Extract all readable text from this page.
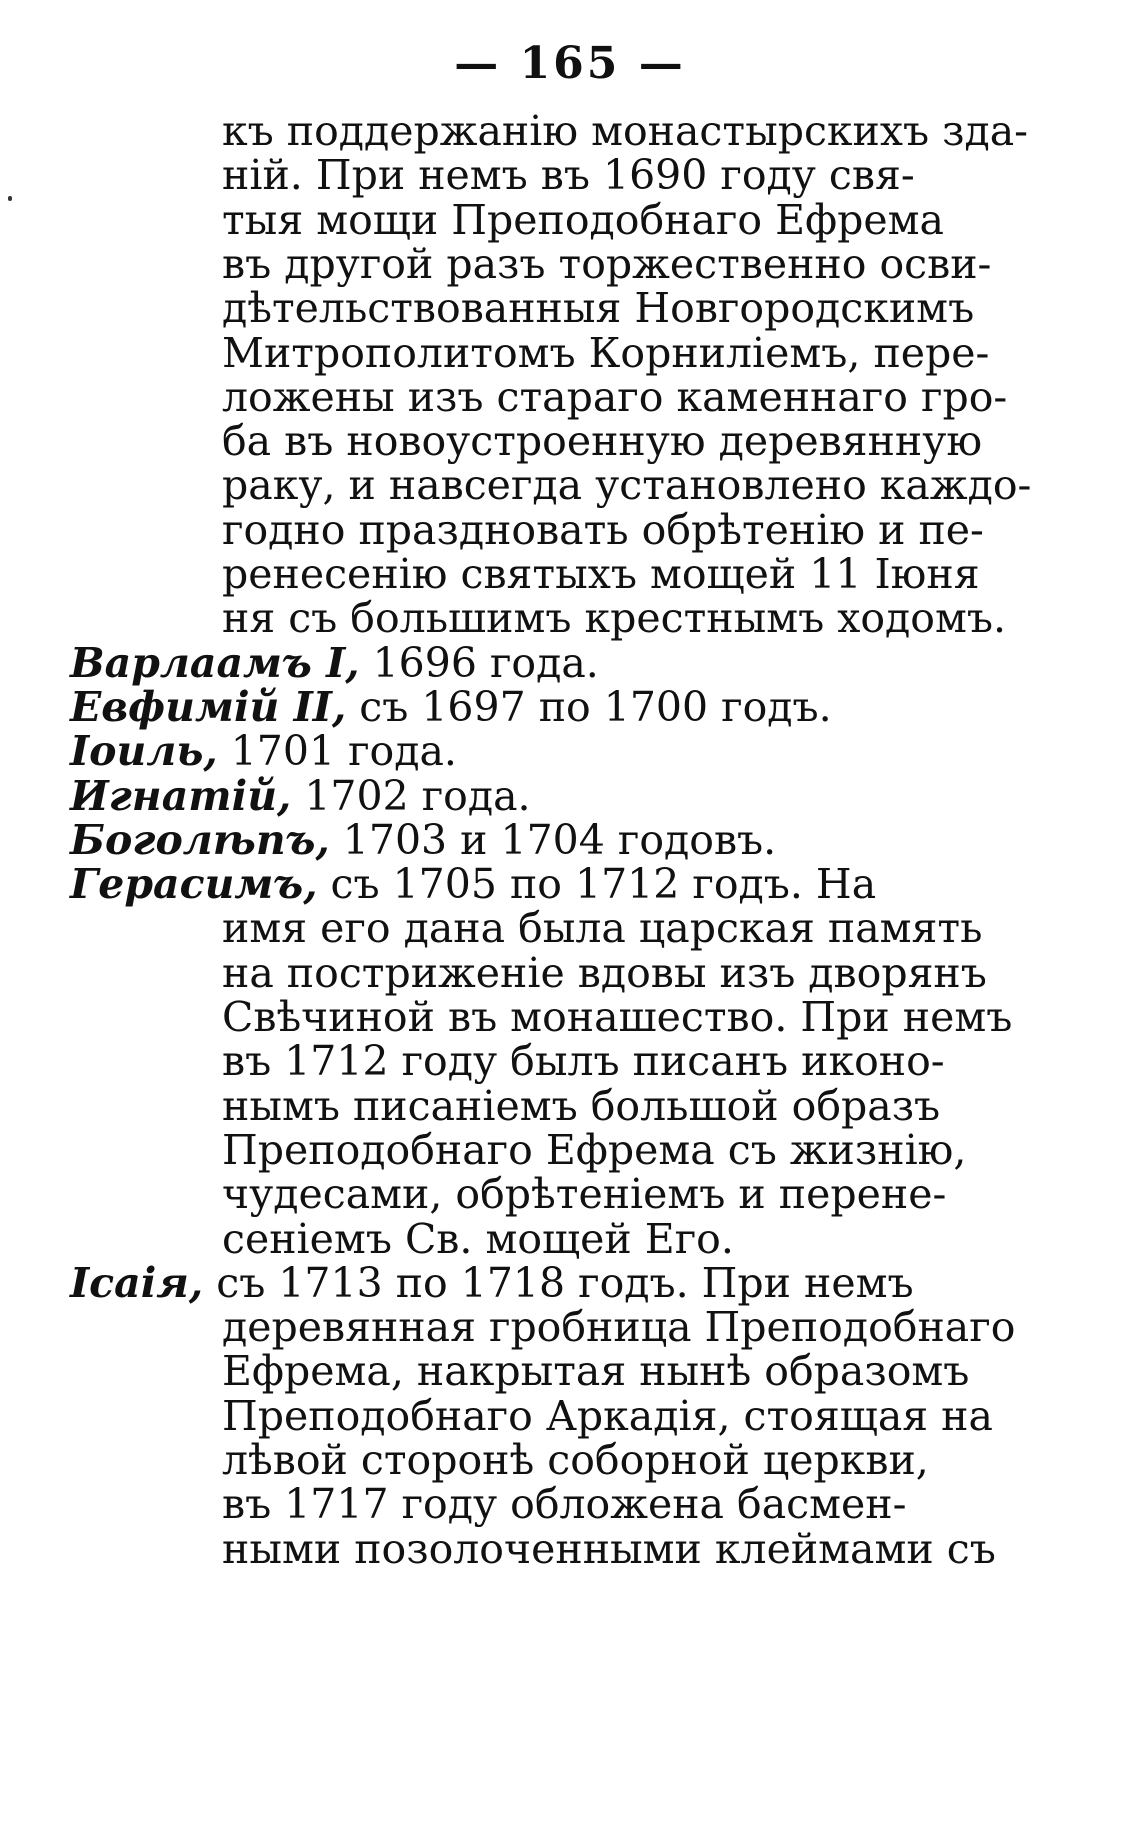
— 165 —
къ поддержанію монастырскихъ зда-
ній. При немъ въ 1690 году свя-
тыя мощи Преподобнаго Ефрема
въ другой разъ торжественно осви-
дѣтельствованныя Новгородскимъ
Митрополитомъ Корниліемъ, пере-
ложены изъ стараго каменнаго гро-
ба въ новоустроенную деревянную
раку, и навсегда установлено каждо-
годно праздновать обрѣтенію и пе-
ренесенію святыхъ мощей 11 Іюня
ня съ большимъ крестнымъ ходомъ.
Варлаамъ I, 1696 года.
Евфимій II, съ 1697 по 1700 годъ.
Іоиль, 1701 года.
Игнатій, 1702 года.
Боголѣпъ, 1703 и 1704 годовъ.
Герасимъ, съ 1705 по 1712 годъ. На
имя его дана была царская память
на постриженіе вдовы изъ дворянъ
Свѣчиной въ монашество. При немъ
въ 1712 году былъ писанъ иконо-
нымъ писаніемъ большой образъ
Преподобнаго Ефрема съ жизнію,
чудесами, обрѣтеніемъ и перене-
сеніемъ Св. мощей Его.
Ісаія, съ 1713 по 1718 годъ. При немъ
деревянная гробница Преподобнаго
Ефрема, накрытая нынѣ образомъ
Преподобнаго Аркадія, стоящая на
лѣвой сторонѣ соборной церкви,
въ 1717 году обложена басмен-
ными позолоченными клеймами съ
